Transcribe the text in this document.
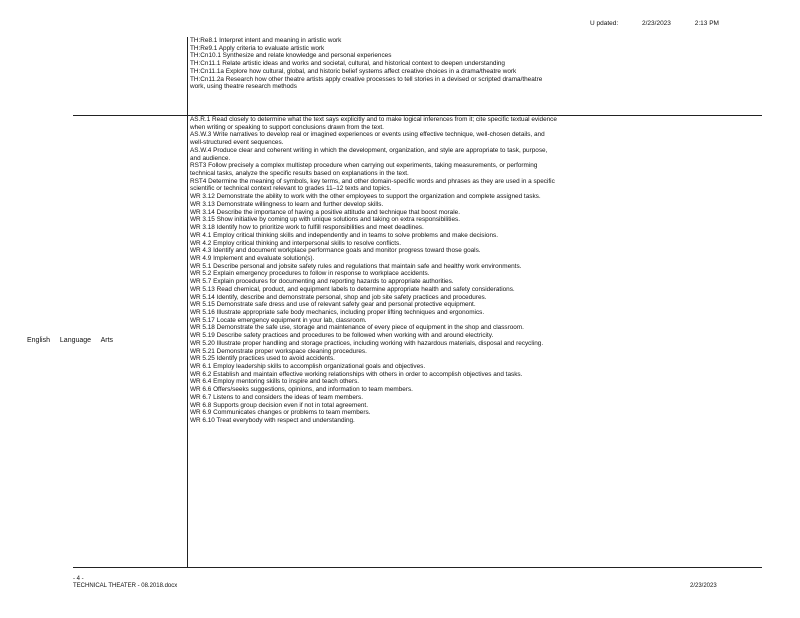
U pdated:	2/23/2023	2:13 PM
TH:Re8.1 Interpret intent and meaning in artistic work
TH:Re9.1 Apply criteria to evaluate artistic work
TH:Cn10.1 Synthesize and relate knowledge and personal experiences
TH:Cn11.1 Relate artistic ideas and works and societal, cultural, and historical context to deepen understanding
TH:Cn11.1a Explore how cultural, global, and historic belief systems affect creative choices in a drama/theatre work
TH:Cn11.2a Research how other theatre artists apply creative processes to tell stories in a devised or scripted drama/theatre
work, using theatre research methods
English Language Arts
AS.R.1 Read closely to determine what the text says explicitly and to make logical inferences from it; cite specific textual evidence
when writing or speaking to support conclusions drawn from the text.
AS.W.3 Write narratives to develop real or imagined experiences or events using effective technique, well-chosen details, and
well-structured event sequences.
AS.W.4 Produce clear and coherent writing in which the development, organization, and style are appropriate to task, purpose,
and audience.
RST3 Follow precisely a complex multistep procedure when carrying out experiments, taking measurements, or performing
technical tasks, analyze the specific results based on explanations in the text.
RST4 Determine the meaning of symbols, key terms, and other domain-specific words and phrases as they are used in a specific
scientific or technical context relevant to grades 11–12 texts and topics.
WR 3.12 Demonstrate the ability to work with the other employees to support the organization and complete assigned tasks.
WR 3.13 Demonstrate willingness to learn and further develop skills.
WR 3.14 Describe the importance of having a positive attitude and technique that boost morale.
WR 3.15 Show initiative by coming up with unique solutions and taking on extra responsibilities.
WR 3.18 Identify how to prioritize work to fulfill responsibilities and meet deadlines.
WR 4.1 Employ critical thinking skills and independently and in teams to solve problems and make decisions.
WR 4.2 Employ critical thinking and interpersonal skills to resolve conflicts.
WR 4.3 Identify and document workplace performance goals and monitor progress toward those goals.
WR 4.9 Implement and evaluate solution(s).
WR 5.1 Describe personal and jobsite safety rules and regulations that maintain safe and healthy work environments.
WR 5.2 Explain emergency procedures to follow in response to workplace accidents.
WR 5.7 Explain procedures for documenting and reporting hazards to appropriate authorities.
WR 5.13 Read chemical, product, and equipment labels to determine appropriate health and safety considerations.
WR 5.14 Identify, describe and demonstrate personal, shop and job site safety practices and procedures.
WR 5.15 Demonstrate safe dress and use of relevant safety gear and personal protective equipment.
WR 5.16 Illustrate appropriate safe body mechanics, including proper lifting techniques and ergonomics.
WR 5.17 Locate emergency equipment in your lab, classroom.
WR 5.18 Demonstrate the safe use, storage and maintenance of every piece of equipment in the shop and classroom.
WR 5.19 Describe safety practices and procedures to be followed when working with and around electricity.
WR 5.20 Illustrate proper handling and storage practices, including working with hazardous materials, disposal and recycling.
WR 5.21 Demonstrate proper workspace cleaning procedures.
WR 5.25 Identify practices used to avoid accidents.
WR 6.1 Employ leadership skills to accomplish organizational goals and objectives.
WR 6.2 Establish and maintain effective working relationships with others in order to accomplish objectives and tasks.
WR 6.4 Employ mentoring skills to inspire and teach others.
WR 6.6 Offers/seeks suggestions, opinions, and information to team members.
WR 6.7 Listens to and considers the ideas of team members.
WR 6.8 Supports group decision even if not in total agreement.
WR 6.9 Communicates changes or problems to team members.
WR 6.10 Treat everybody with respect and understanding.
- 4 -
TECHNICAL THEATER - 08.2018.docx	2/23/2023
